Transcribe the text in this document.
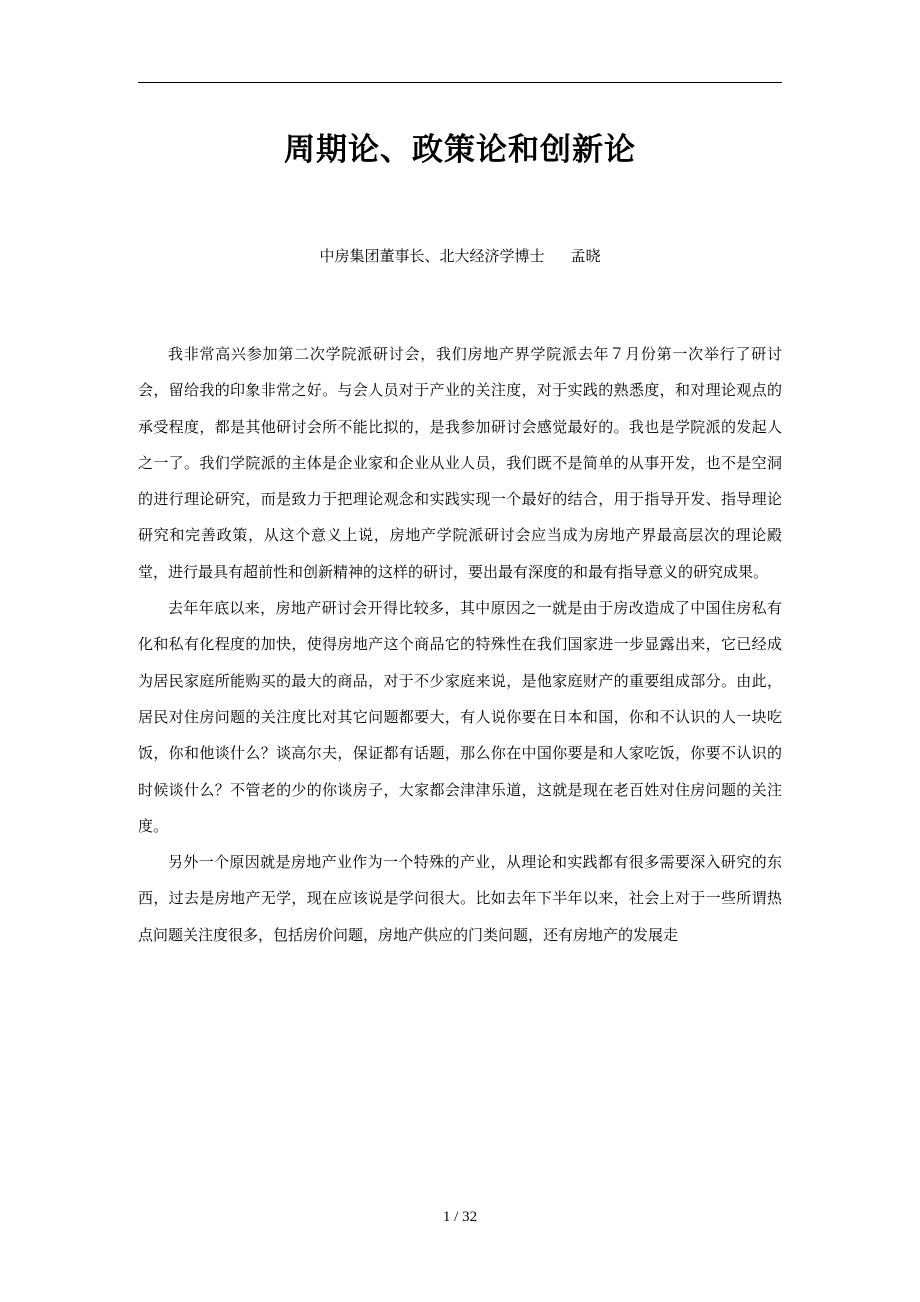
周期论、政策论和创新论
中房集团董事长、北大经济学博士 孟晓

我非常高兴参加第二次学院派研讨会，我们房地产界学院派去年７月份第一次举行了研讨会，留给我的印象非常之好。与会人员对于产业的关注度，对于实践的熟悉度，和对理论观点的承受程度，都是其他研讨会所不能比拟的，是我参加研讨会感觉最好的。我也是学院派的发起人之一了。我们学院派的主体是企业家和企业从业人员，我们既不是简单的从事开发，也不是空洞的进行理论研究，而是致力于把理论观念和实践实现一个最好的结合，用于指导开发、指导理论研究和完善政策，从这个意义上说，房地产学院派研讨会应当成为房地产界最高层次的理论殿堂，进行最具有超前性和创新精神的这样的研讨，要出最有深度的和最有指导意义的研究成果。

去年年底以来，房地产研讨会开得比较多，其中原因之一就是由于房改造成了中国住房私有化和私有化程度的加快，使得房地产这个商品它的特殊性在我们国家进一步显露出来，它已经成为居民家庭所能购买的最大的商品，对于不少家庭来说，是他家庭财产的重要组成部分。由此，居民对住房问题的关注度比对其它问题都要大，有人说你要在日本和国，你和不认识的人一块吃饭，你和他谈什么？谈高尔夫，保证都有话题，那么你在中国你要是和人家吃饭，你要不认识的时候谈什么？不管老的少的你谈房子，大家都会津津乐道，这就是现在老百姓对住房问题的关注度。

另外一个原因就是房地产业作为一个特殊的产业，从理论和实践都有很多需要深入研究的东西，过去是房地产无学，现在应该说是学问很大。比如去年下半年以来，社会上对于一些所谓热点问题关注度很多，包括房价问题，房地产供应的门类问题，还有房地产的发展走

1 / 32
